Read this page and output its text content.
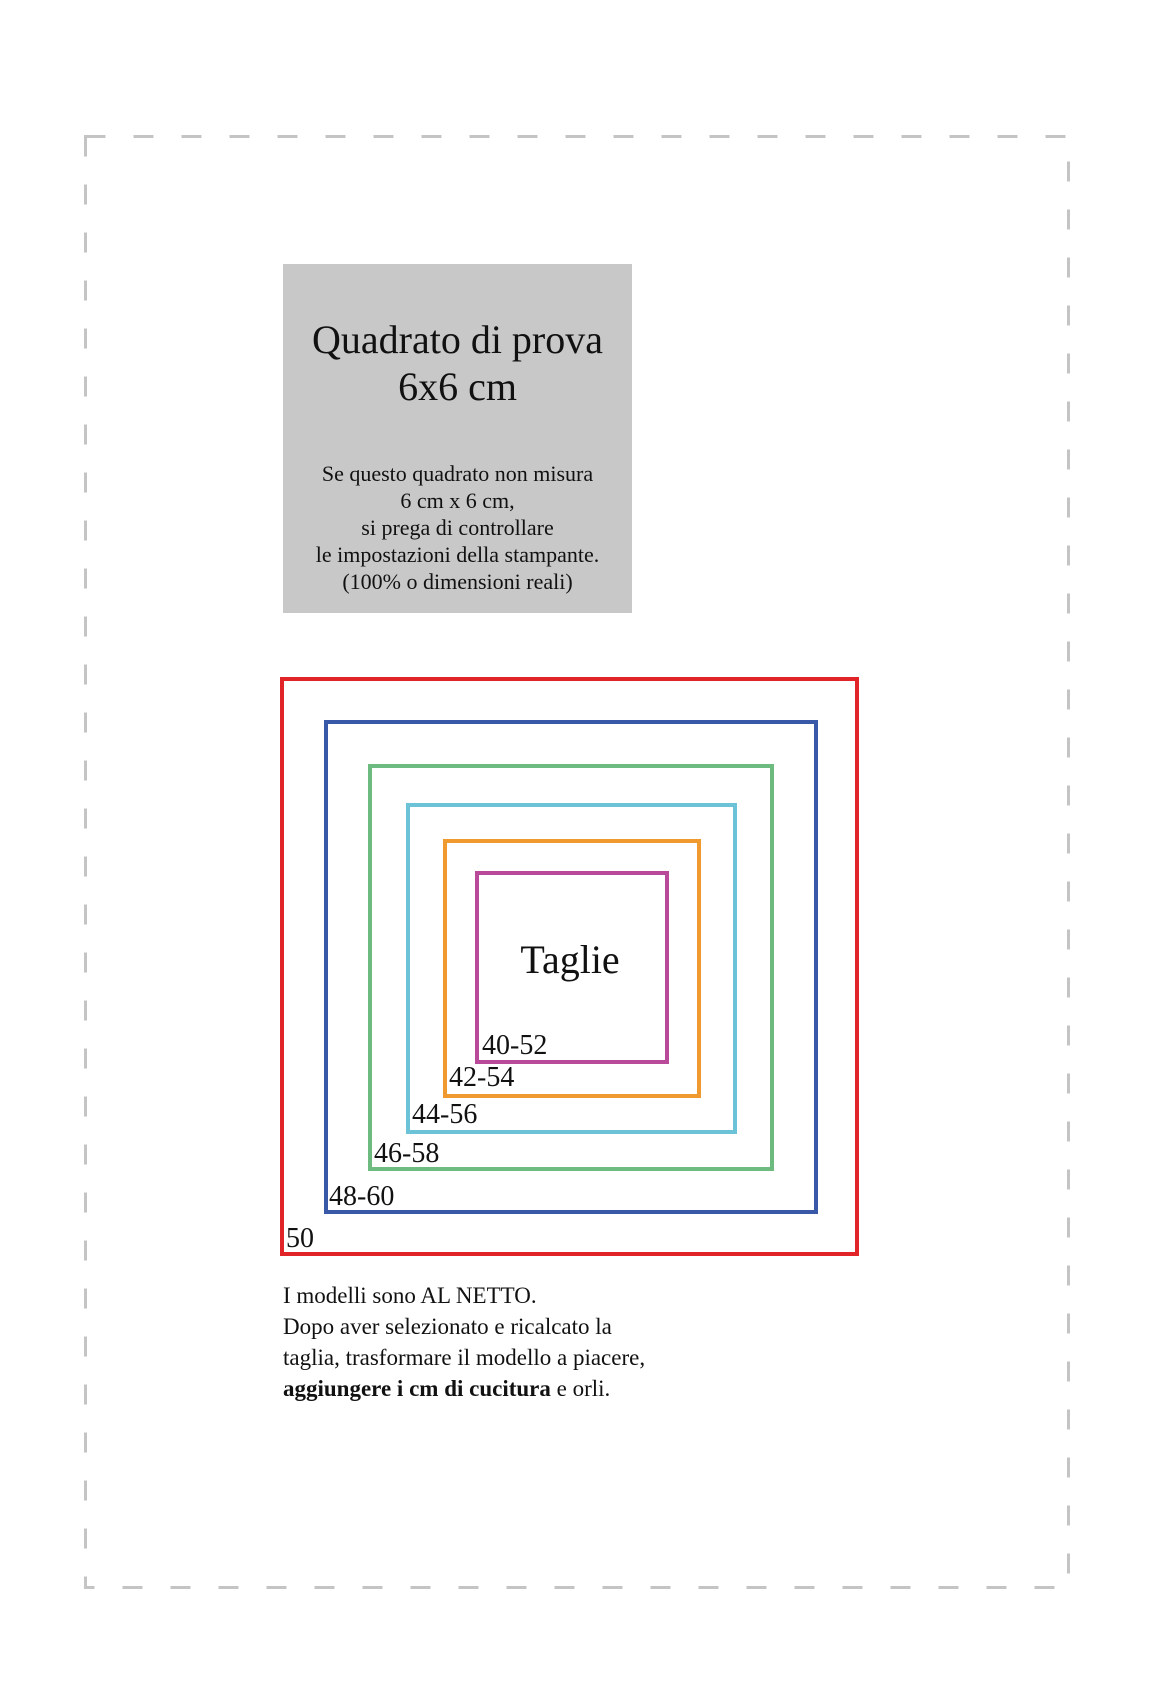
Quadrato di prova
6x6 cm
Se questo quadrato non misura
6 cm x 6 cm,
si prega di controllare
le impostazioni della stampante.
(100% o dimensioni reali)
Taglie
40-52
42-54
44-56
46-58
48-60
50
I modelli sono AL NETTO.
Dopo aver selezionato e ricalcato la
taglia, trasformare il modello a piacere,
aggiungere i cm di cucitura e orli.
